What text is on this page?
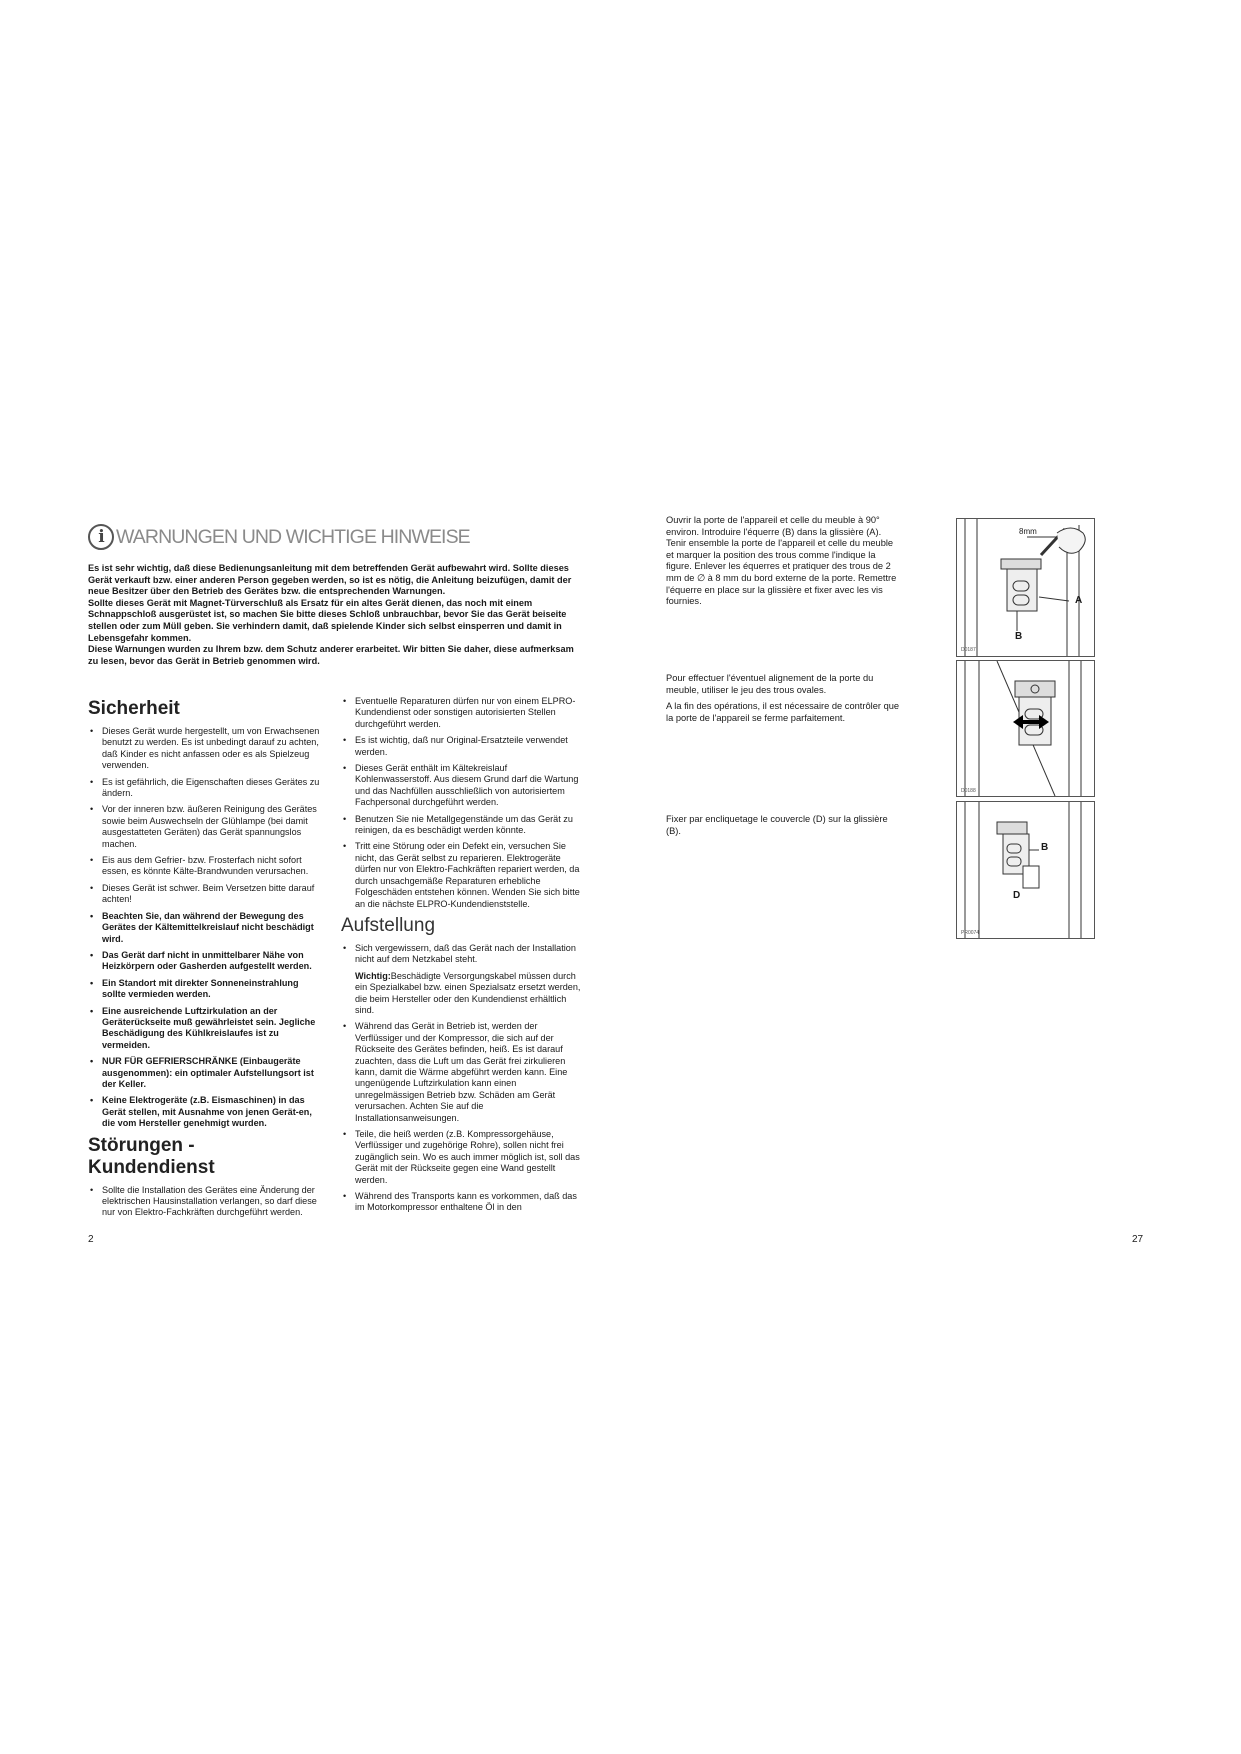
i WARNUNGEN UND WICHTIGE HINWEISE

Es ist sehr wichtig, daß diese Bedienungsanleitung mit dem betreffenden Gerät aufbewahrt wird. Sollte dieses Gerät verkauft bzw. einer anderen Person gegeben werden, so ist es nötig, die Anleitung beizufügen, damit der neue Besitzer über den Betrieb des Gerätes bzw. die entsprechenden Warnungen.

Sollte dieses Gerät mit Magnet-Türverschluß als Ersatz für ein altes Gerät dienen, das noch mit einem Schnappschloß ausgerüstet ist, so machen Sie bitte dieses Schloß unbrauchbar, bevor Sie das Gerät beiseite stellen oder zum Müll geben. Sie verhindern damit, daß spielende Kinder sich selbst einsperren und damit in Lebensgefahr kommen.

Diese Warnungen wurden zu Ihrem bzw. dem Schutz anderer erarbeitet. Wir bitten Sie daher, diese aufmerksam zu lesen, bevor das Gerät in Betrieb genommen wird.

Sicherheit
• Dieses Gerät wurde hergestellt, um von Erwachsenen benutzt zu werden. Es ist unbedingt darauf zu achten, daß Kinder es nicht anfassen oder es als Spielzeug verwenden.
• Es ist gefährlich, die Eigenschaften dieses Gerätes zu ändern.
• Vor der inneren bzw. äußeren Reinigung des Gerätes sowie beim Auswechseln der Glühlampe (bei damit ausgestatteten Geräten) das Gerät spannungslos machen.
• Eis aus dem Gefrier- bzw. Frosterfach nicht sofort essen, es könnte Kälte-Brandwunden verursachen.
• Dieses Gerät ist schwer. Beim Versetzen bitte darauf achten!
• Beachten Sie, dan während der Bewegung des Gerätes der Kältemittelkreislauf nicht beschädigt wird.
• Das Gerät darf nicht in unmittelbarer Nähe von Heizkörpern oder Gasherden aufgestellt werden.
• Ein Standort mit direkter Sonneneinstrahlung sollte vermieden werden.
• Eine ausreichende Luftzirkulation an der Geräterückseite muß gewährleistet sein. Jegliche Beschädigung des Kühlkreislaufes ist zu vermeiden.
• NUR FÜR GEFRIERSCHRÄNKE (Einbaugeräte ausgenommen): ein optimaler Aufstellungsort ist der Keller.
• Keine Elektrogeräte (z.B. Eismaschinen) in das Gerät stellen, mit Ausnahme von jenen Gerät-en, die vom Hersteller genehmigt wurden.
Störungen - Kundendienst
• Sollte die Installation des Gerätes eine Änderung der elektrischen Hausinstallation verlangen, so darf diese nur von Elektro-Fachkräften durchgeführt werden.
• Eventuelle Reparaturen dürfen nur von einem ELPRO-Kundendienst oder sonstigen autorisierten Stellen durchgeführt werden.
• Es ist wichtig, daß nur Original-Ersatzteile verwendet werden.
• Dieses Gerät enthält im Kältekreislauf Kohlenwasserstoff. Aus diesem Grund darf die Wartung und das Nachfüllen ausschließlich von autorisiertem Fachpersonal durchgeführt werden.
• Benutzen Sie nie Metallgegenstände um das Gerät zu reinigen, da es beschädigt werden könnte.
• Tritt eine Störung oder ein Defekt ein, versuchen Sie nicht, das Gerät selbst zu reparieren. Elektrogeräte dürfen nur von Elektro-Fachkräften repariert werden, da durch unsachgemäße Reparaturen erhebliche Folgeschäden entstehen können. Wenden Sie sich bitte an die nächste ELPRO-Kundendienststelle.
Aufstellung
• Sich vergewissern, daß das Gerät nach der Installation nicht auf dem Netzkabel steht.

Wichtig:Beschädigte Versorgungskabel müssen durch ein Spezialkabel bzw. einen Spezialsatz ersetzt werden, die beim Hersteller oder den Kundendienst erhältlich sind.

• Während das Gerät in Betrieb ist, werden der Verflüssiger und der Kompressor, die sich auf der Rückseite des Gerätes befinden, heiß. Es ist darauf zuachten, dass die Luft um das Gerät frei zirkulieren kann, damit die Wärme abgeführt werden kann. Eine ungenügende Luftzirkulation kann einen unregelmässigen Betrieb bzw. Schäden am Gerät verursachen. Achten Sie auf die Installationsanweisungen.
• Teile, die heiß werden (z.B. Kompressorgehäuse, Verflüssiger und zugehörige Rohre), sollen nicht frei zugänglich sein. Wo es auch immer möglich ist, soll das Gerät mit der Rückseite gegen eine Wand gestellt werden.
• Während des Transports kann es vorkommen, daß das im Motorkompressor enthaltene Öl in den
2

Ouvrir la porte de l'appareil et celle du meuble à 90° environ. Introduire l'équerre (B) dans la glissière (A). Tenir ensemble la porte de l'appareil et celle du meuble et marquer la position des trous comme l'indique la figure. Enlever les équerres et pratiquer des trous de 2 mm de ∅ à 8 mm du bord externe de la porte. Remettre l'équerre en place sur la glissière et fixer avec les vis fournies.

Pour effectuer l'éventuel alignement de la porte du meuble, utiliser le jeu des trous ovales.

A la fin des opérations, il est nécessaire de contrôler que la porte de l'appareil se ferme parfaitement.

Fixer par encliquetage le couvercle (D) sur la glissière (B).

8mm
A
B
D0187
D0188
B
D
PR0074
27
